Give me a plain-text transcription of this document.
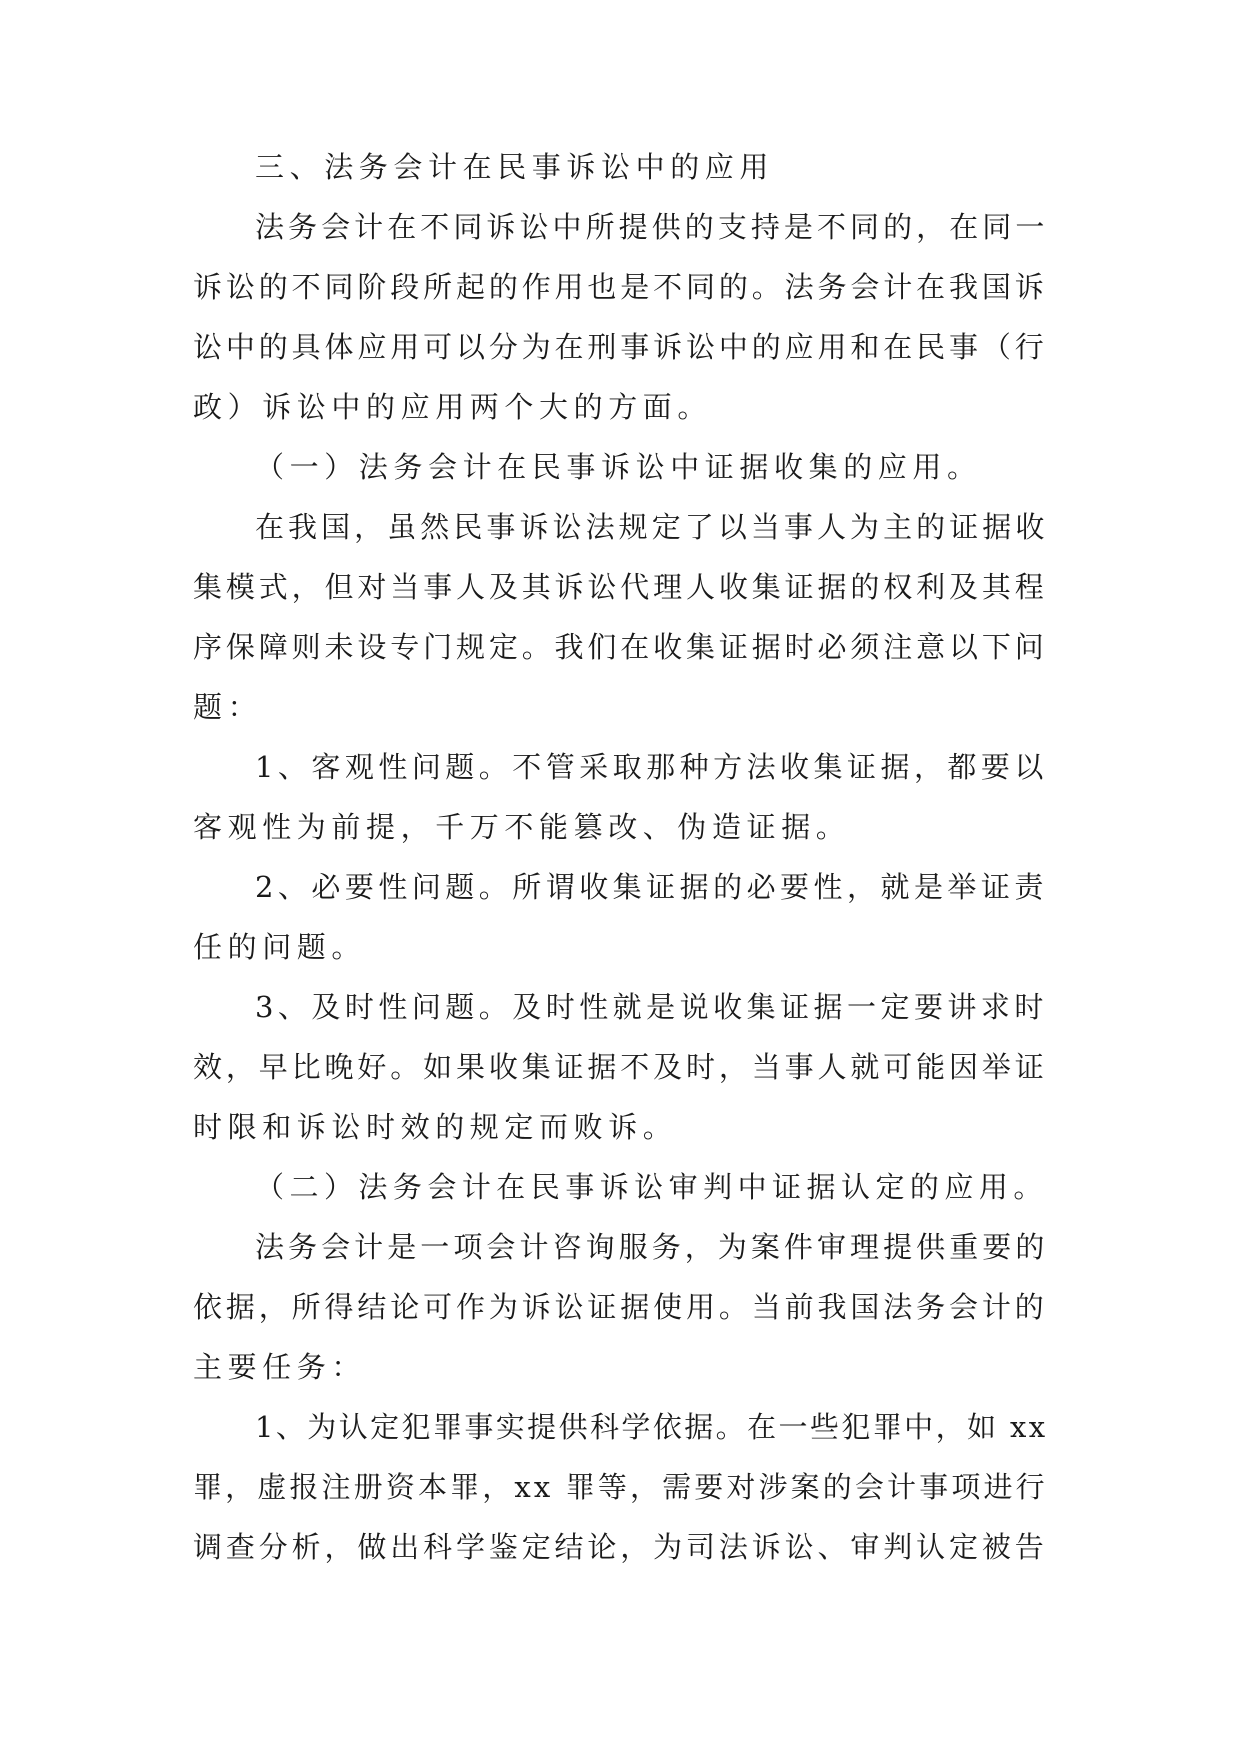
三、法务会计在民事诉讼中的应用
法务会计在不同诉讼中所提供的支持是不同的，在同一
诉讼的不同阶段所起的作用也是不同的。法务会计在我国诉
讼中的具体应用可以分为在刑事诉讼中的应用和在民事（行
政）诉讼中的应用两个大的方面。
（一）法务会计在民事诉讼中证据收集的应用。
在我国，虽然民事诉讼法规定了以当事人为主的证据收
集模式，但对当事人及其诉讼代理人收集证据的权利及其程
序保障则未设专门规定。我们在收集证据时必须注意以下问
题：
1、客观性问题。不管采取那种方法收集证据，都要以
客观性为前提，千万不能篡改、伪造证据。
2、必要性问题。所谓收集证据的必要性，就是举证责
任的问题。
3、及时性问题。及时性就是说收集证据一定要讲求时
效，早比晚好。如果收集证据不及时，当事人就可能因举证
时限和诉讼时效的规定而败诉。
（二）法务会计在民事诉讼审判中证据认定的应用。
法务会计是一项会计咨询服务，为案件审理提供重要的
依据，所得结论可作为诉讼证据使用。当前我国法务会计的
主要任务：
1、为认定犯罪事实提供科学依据。在一些犯罪中，如 xx
罪，虚报注册资本罪，xx 罪等，需要对涉案的会计事项进行
调查分析，做出科学鉴定结论，为司法诉讼、审判认定被告
